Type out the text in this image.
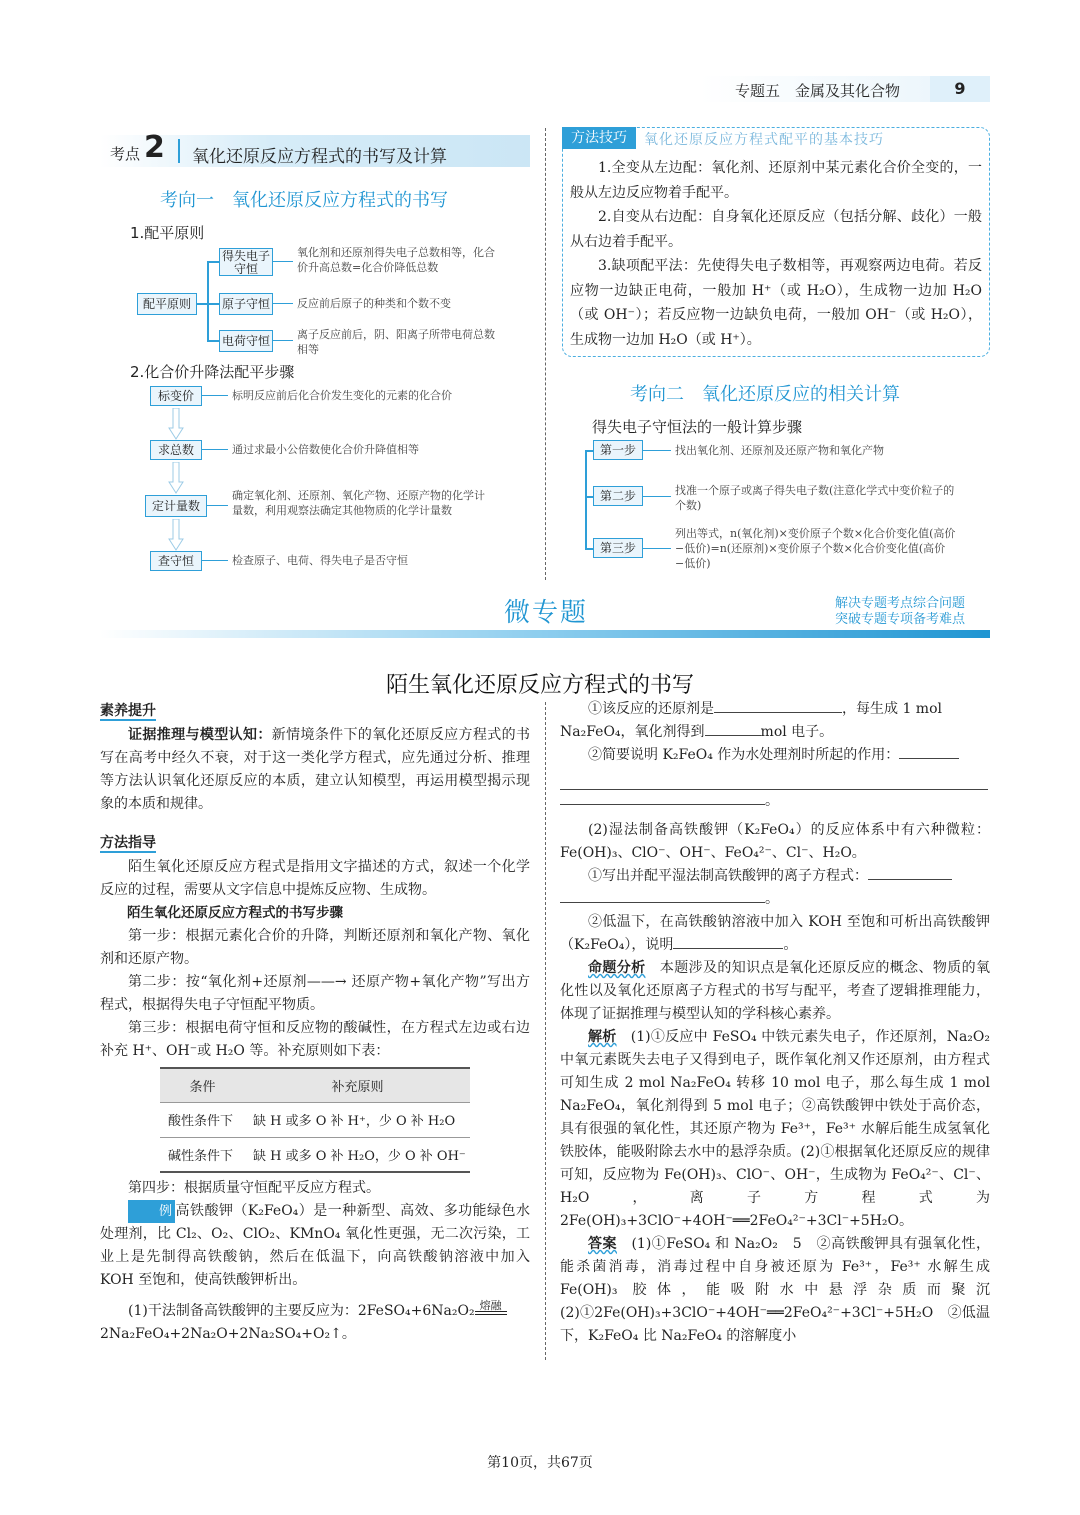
专题五　金属及其化合物	9
考点 2 氧化还原反应方程式的书写及计算
考向一　氧化还原反应方程式的书写
1.配平原则
配平原则
得失电子守恒
氧化剂和还原剂得失电子总数相等，化合价升高总数=化合价降低总数
原子守恒 反应前后原子的种类和个数不变
电荷守恒 离子反应前后，阴、阳离子所带电荷总数相等
2.化合价升降法配平步骤
标变价	标明反应前后化合价发生变化的元素的化合价
求总数	通过求最小公倍数使化合价升降值相等
定计量数
确定氧化剂、还原剂、氧化产物、还原产物的化学计量数，利用观察法确定其他物质的化学计量数
查守恒	检查原子、电荷、得失电子是否守恒
方法技巧	氧化还原反应方程式配平的基本技巧
1.全变从左边配：氧化剂、还原剂中某元素化合价全变的，一般从左边反应物着手配平。
2.自变从右边配：自身氧化还原反应（包括分解、歧化）一般从右边着手配平。
3.缺项配平法：先使得失电子数相等，再观察两边电荷。若反应物一边缺正电荷，一般加 H⁺（或 H₂O），生成物一边加 H₂O（或 OH⁻）；若反应物一边缺负电荷，一般加 OH⁻（或 H₂O），生成物一边加 H₂O（或 H⁺）。
考向二　氧化还原反应的相关计算
得失电子守恒法的一般计算步骤
第一步	找出氧化剂、还原剂及还原产物和氧化产物
第二步	找准一个原子或离子得失电子数(注意化学式中变价粒子的个数)
第三步
列出等式，n(氧化剂)×变价原子个数×化合价变化值(高价−低价)=n(还原剂)×变价原子个数×化合价变化值(高价−低价)
微专题	解决专题考点综合问题
突破专题专项备考难点
陌生氧化还原反应方程式的书写
素养提升
证据推理与模型认知：新情境条件下的氧化还原反应方程式的书写在高考中经久不衰，对于这一类化学方程式，应先通过分析、推理等方法认识氧化还原反应的本质，建立认知模型，再运用模型揭示现象的本质和规律。
方法指导
陌生氧化还原反应方程式是指用文字描述的方式，叙述一个化学反应的过程，需要从文字信息中提炼反应物、生成物。
陌生氧化还原反应方程式的书写步骤
第一步：根据元素化合价的升降，判断还原剂和氧化产物、氧化剂和还原产物。
第二步：按“氧化剂+还原剂——→ 还原产物+氧化产物”写出方程式，根据得失电子守恒配平物质。
第三步：根据电荷守恒和反应物的酸碱性，在方程式左边或右边补充 H⁺、OH⁻或 H₂O 等。补充原则如下表：
条件	补充原则
酸性条件下	缺 H 或多 O 补 H⁺，少 O 补 H₂O
碱性条件下	缺 H 或多 O 补 H₂O，少 O 补 OH⁻
第四步：根据质量守恒配平反应方程式。
例 高铁酸钾（K₂FeO₄）是一种新型、高效、多功能绿色水处理剂，比 Cl₂、O₂、ClO₂、KMnO₄ 氧化性更强，无二次污染，工业上是先制得高铁酸钠，然后在低温下，向高铁酸钠溶液中加入 KOH 至饱和，使高铁酸钾析出。
(1)干法制备高铁酸钾的主要反应为：2FeSO₄+6Na₂O₂ 熔融
2Na₂FeO₄+2Na₂O+2Na₂SO₄+O₂↑。
①该反应的还原剂是	，每生成 1 mol
Na₂FeO₄，氧化剂得到	mol 电子。
②简要说明 K₂FeO₄ 作为水处理剂时所起的作用：
。
(2)湿法制备高铁酸钾（K₂FeO₄）的反应体系中有六种微粒：Fe(OH)₃、ClO⁻、OH⁻、FeO₄²⁻、Cl⁻、H₂O。
①写出并配平湿法制高铁酸钾的离子方程式：
。
②低温下，在高铁酸钠溶液中加入 KOH 至饱和可析出高铁酸钾（K₂FeO₄），说明	。
命题分析　 本题涉及的知识点是氧化还原反应的概念、物质的氧化性以及氧化还原离子方程式的书写与配平，考查了逻辑推理能力，体现了证据推理与模型认知的学科核心素养。
解析　 (1)①反应中 FeSO₄ 中铁元素失电子，作还原剂，Na₂O₂ 中氧元素既失去电子又得到电子，既作氧化剂又作还原剂，由方程式可知生成 2 mol Na₂FeO₄ 转移 10 mol 电子，那么每生成 1 mol Na₂FeO₄，氧化剂得到 5 mol 电子；②高铁酸钾中铁处于高价态，具有很强的氧化性，其还原产物为 Fe³⁺，Fe³⁺ 水解后能生成氢氧化铁胶体，能吸附除去水中的悬浮杂质。(2)①根据氧化还原反应的规律可知，反应物为 Fe(OH)₃、ClO⁻、OH⁻，生成物为 FeO₄²⁻、Cl⁻、H₂O，离子方程式为 2Fe(OH)₃+3ClO⁻+4OH⁻══2FeO₄²⁻+3Cl⁻+5H₂O。
答案　 (1)①FeSO₄ 和 Na₂O₂　5　②高铁酸钾具有强氧化性，能杀菌消毒，消毒过程中自身被还原为 Fe³⁺，Fe³⁺ 水解生成 Fe(OH)₃ 胶体，能吸附水中悬浮杂质而聚沉　(2)①2Fe(OH)₃+3ClO⁻+4OH⁻══2FeO₄²⁻+3Cl⁻+5H₂O　②低温下，K₂FeO₄ 比 Na₂FeO₄ 的溶解度小
第10页，共67页
